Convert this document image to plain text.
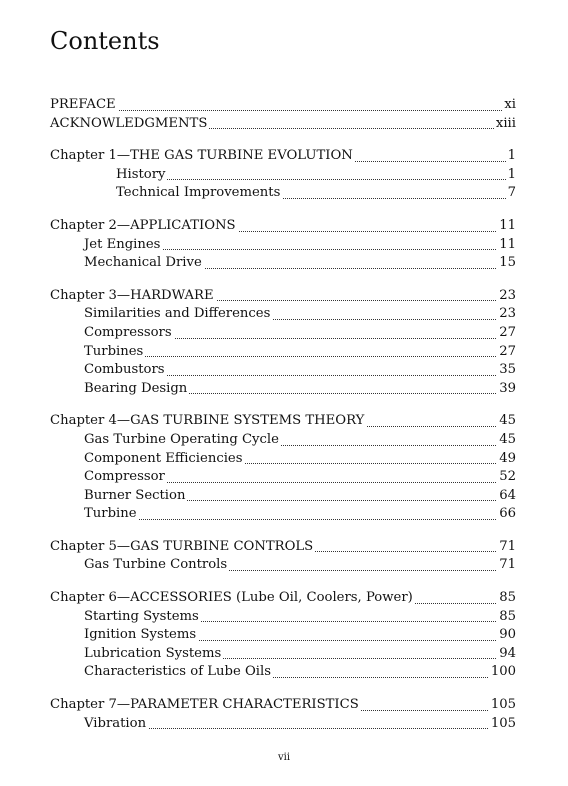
Contents
PREFACE	xi
ACKNOWLEDGMENTS	xiii
Chapter 1—THE GAS TURBINE EVOLUTION	1
History	1
Technical Improvements	7
Chapter 2—APPLICATIONS	11
Jet Engines	11
Mechanical Drive	15
Chapter 3—HARDWARE	23
Similarities and Differences	23
Compressors	27
Turbines	27
Combustors	35
Bearing Design	39
Chapter 4—GAS TURBINE SYSTEMS THEORY	45
Gas Turbine Operating Cycle	45
Component Efficiencies	49
Compressor	52
Burner Section	64
Turbine	66
Chapter 5—GAS TURBINE CONTROLS	71
Gas Turbine Controls	71
Chapter 6—ACCESSORIES (Lube Oil, Coolers, Power)	85
Starting Systems	85
Ignition Systems	90
Lubrication Systems	94
Characteristics of Lube Oils	100
Chapter 7—PARAMETER CHARACTERISTICS	105
Vibration	105
vii
